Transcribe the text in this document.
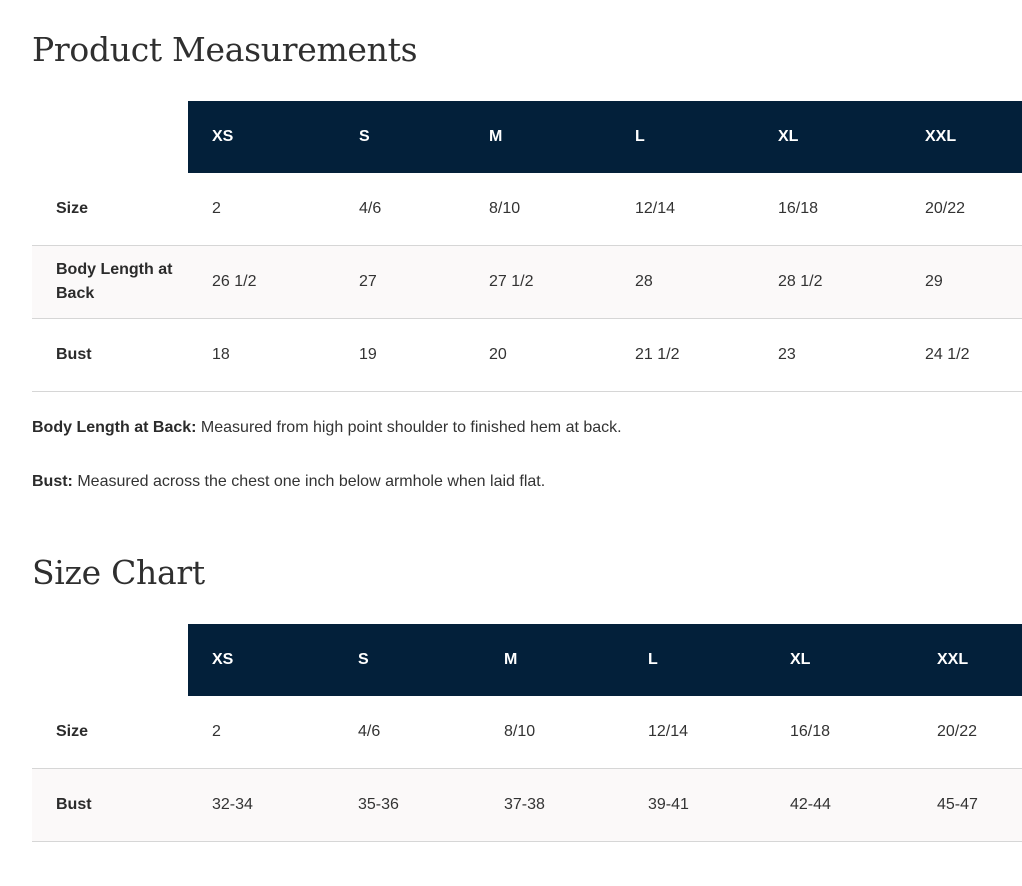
Product Measurements
	XS	S	M	L	XL	XXL
Size	2	4/6	8/10	12/14	16/18	20/22
Body Length at Back	26 1/2	27	27 1/2	28	28 1/2	29
Bust	18	19	20	21 1/2	23	24 1/2

Body Length at Back: Measured from high point shoulder to finished hem at back.

Bust: Measured across the chest one inch below armhole when laid flat.

Size Chart
	XS	S	M	L	XL	XXL
Size	2	4/6	8/10	12/14	16/18	20/22
Bust	32-34	35-36	37-38	39-41	42-44	45-47
